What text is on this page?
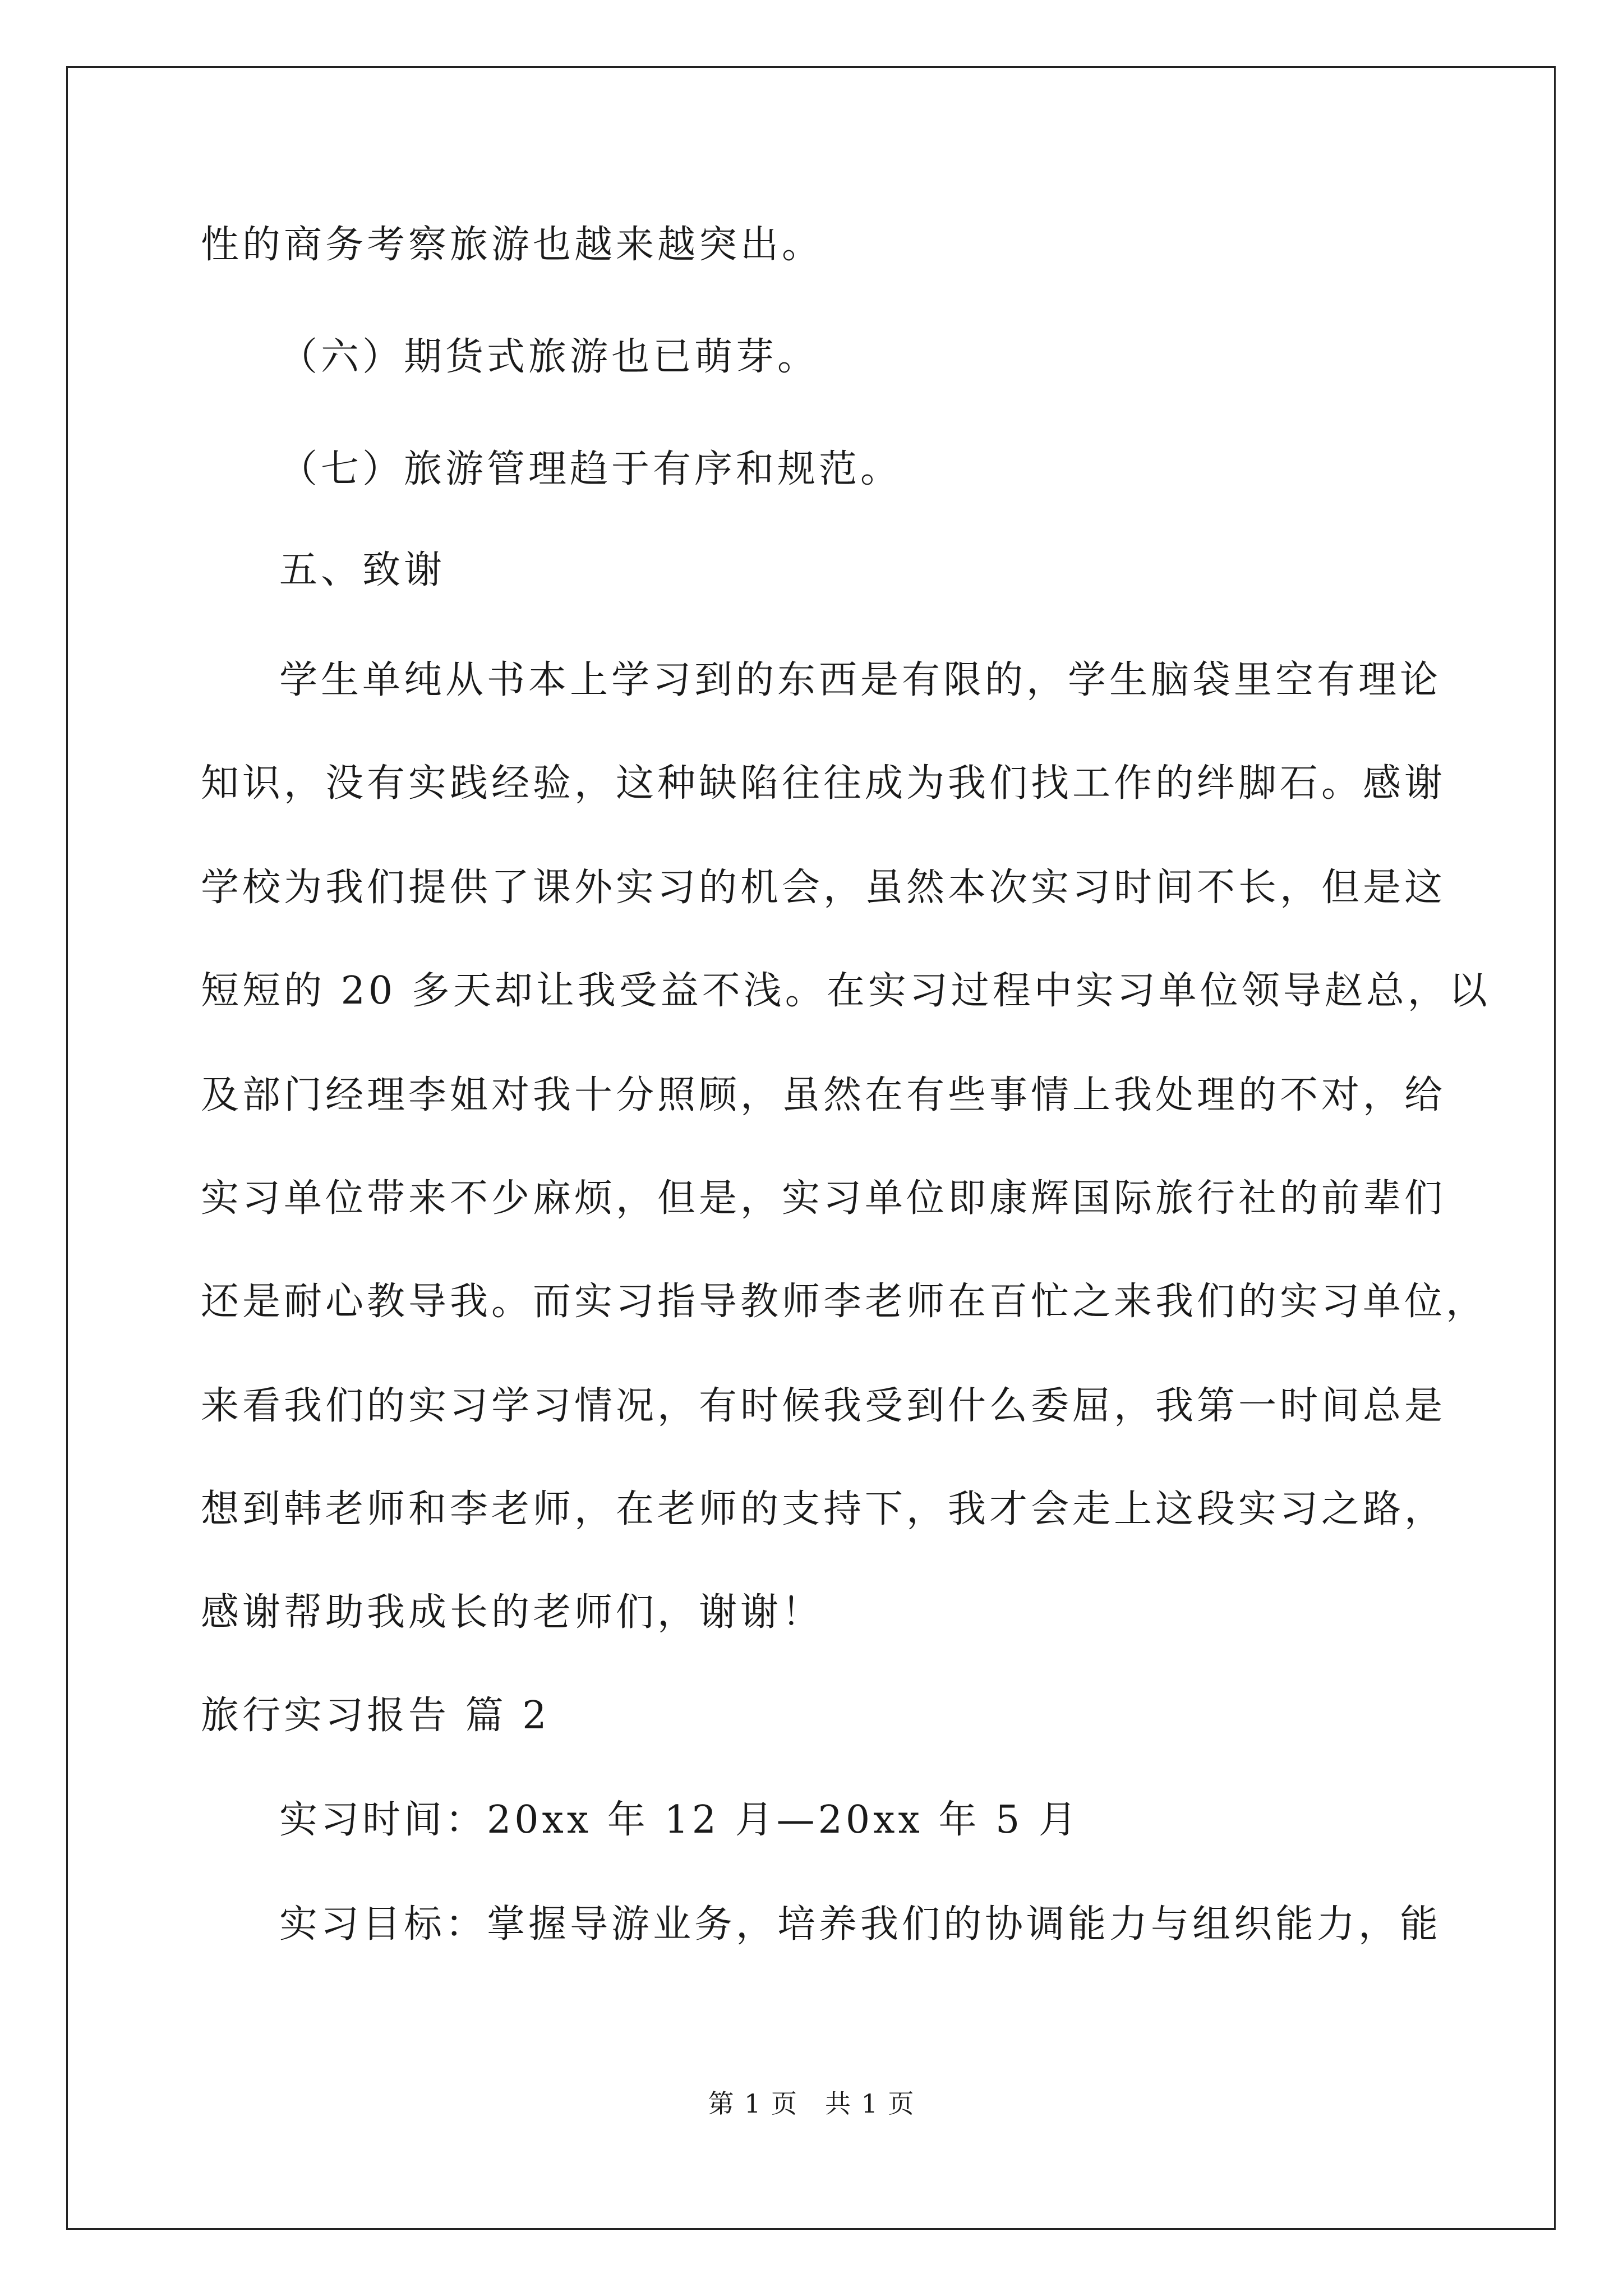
性的商务考察旅游也越来越突出。
（六）期货式旅游也已萌芽。
（七）旅游管理趋于有序和规范。
五、致谢
学生单纯从书本上学习到的东西是有限的，学生脑袋里空有理论
知识，没有实践经验，这种缺陷往往成为我们找工作的绊脚石。感谢
学校为我们提供了课外实习的机会，虽然本次实习时间不长，但是这
短短的 20 多天却让我受益不浅。在实习过程中实习单位领导赵总，以
及部门经理李姐对我十分照顾，虽然在有些事情上我处理的不对，给
实习单位带来不少麻烦，但是，实习单位即康辉国际旅行社的前辈们
还是耐心教导我。而实习指导教师李老师在百忙之来我们的实习单位，
来看我们的实习学习情况，有时候我受到什么委屈，我第一时间总是
想到韩老师和李老师，在老师的支持下，我才会走上这段实习之路，
感谢帮助我成长的老师们，谢谢！
旅行实习报告 篇 2
实习时间：20xx 年 12 月—20xx 年 5 月
实习目标：掌握导游业务，培养我们的协调能力与组织能力，能
第 1 页　共 1 页
